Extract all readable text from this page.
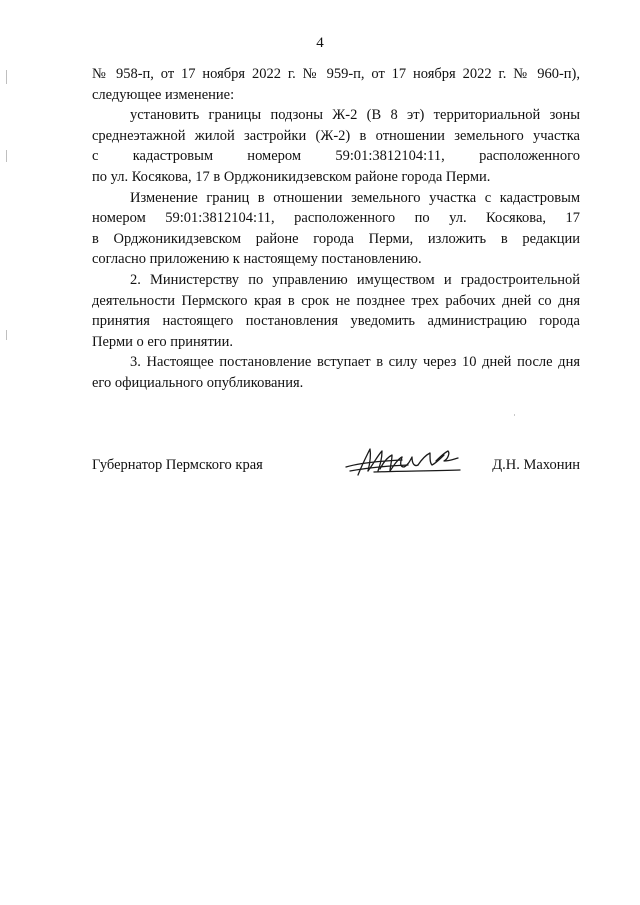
4

№ 958-п, от 17 ноября 2022 г. № 959-п, от 17 ноября 2022 г. № 960-п), следующее изменение:

установить границы подзоны Ж-2 (В 8 эт) территориальной зоны

среднеэтажной жилой застройки (Ж-2) в отношении земельного участка

с кадастровым номером 59:01:3812104:11, расположенного

по ул. Косякова, 17 в Орджоникидзевском районе города Перми.

Изменение границ в отношении земельного участка с кадастровым

номером 59:01:3812104:11, расположенного по ул. Косякова, 17

в Орджоникидзевском районе города Перми, изложить в редакции

согласно приложению к настоящему постановлению.

2. Министерству по управлению имуществом и градостроительной деятельности Пермского края в срок не позднее трех рабочих дней со дня принятия настоящего постановления уведомить администрацию города Перми о его принятии.

3. Настоящее постановление вступает в силу через 10 дней после дня его официального опубликования.

Губернатор Пермского края	Д.Н. Махонин
